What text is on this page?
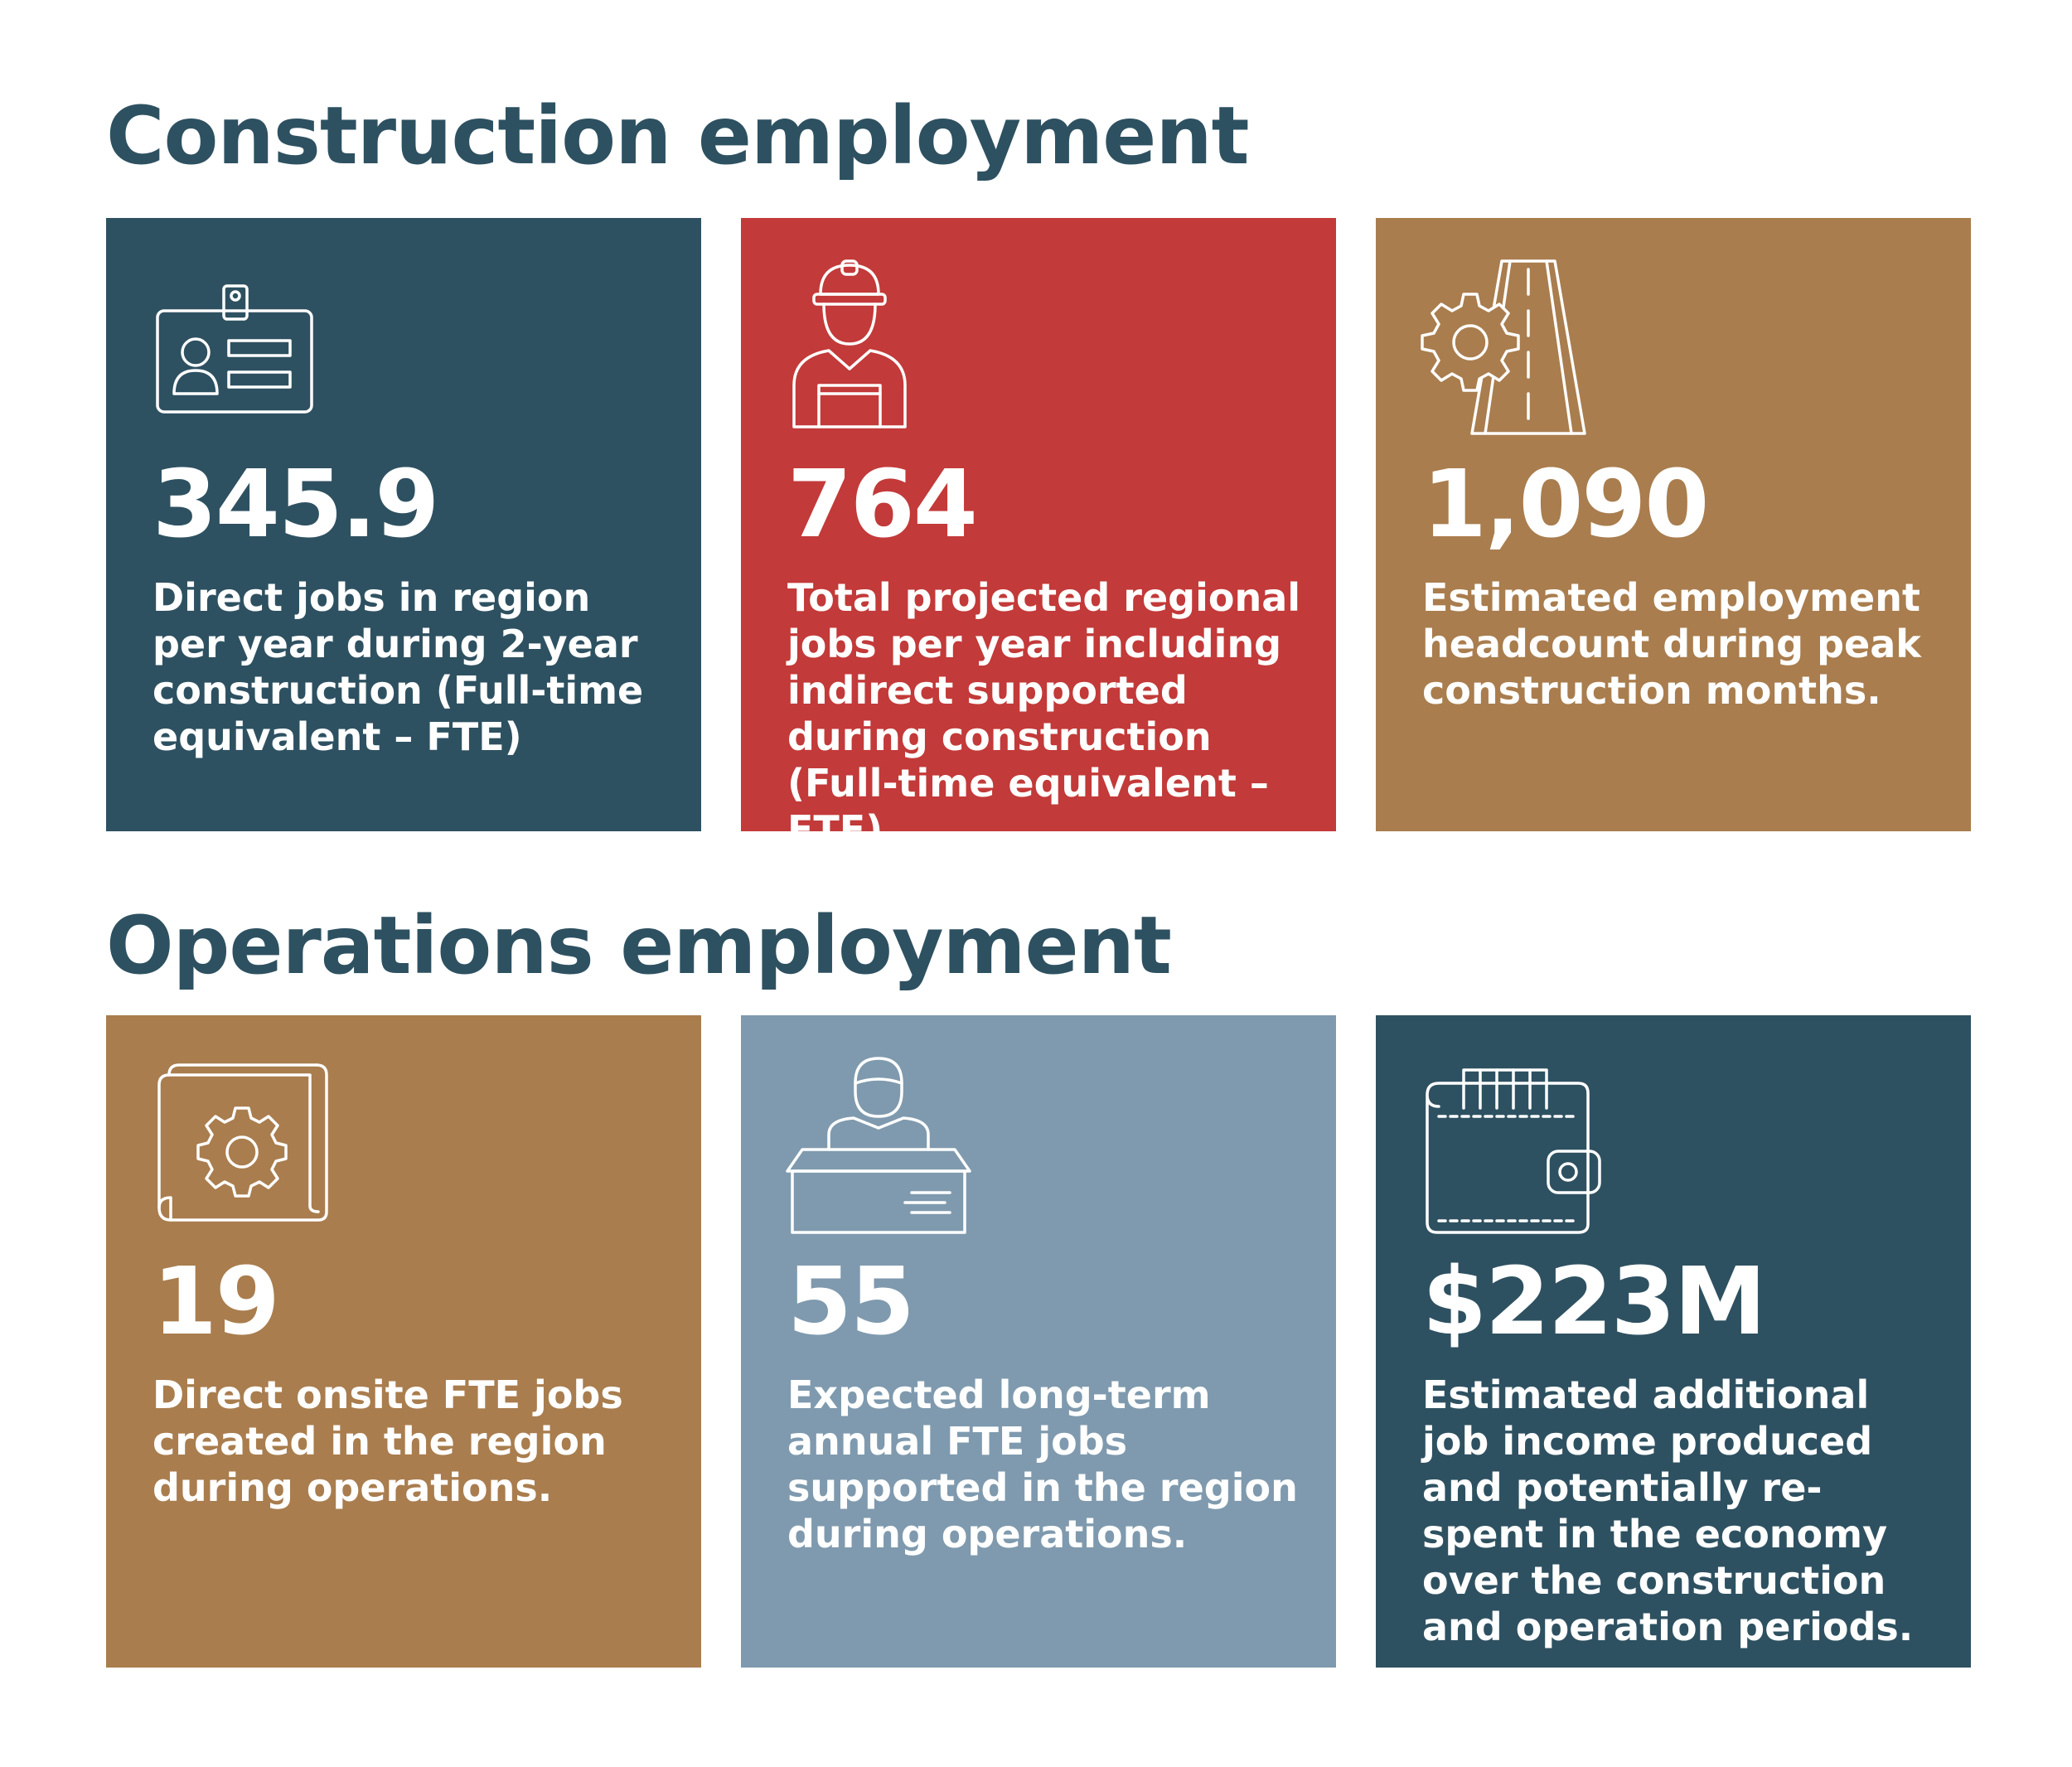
Construction employment
345.9
Direct jobs in region per year during 2-year construction (Full-time equivalent – FTE)
764
Total projected regional jobs per year including indirect supported during construction (Full-time equivalent – FTE)
1,090
Estimated employment headcount during peak construction months.
Operations employment
19
Direct onsite FTE jobs created in the region during operations.
55
Expected long-term annual FTE jobs supported in the region during operations.
$223M
Estimated additional job income produced and potentially re-spent in the economy over the construction and operation periods.
